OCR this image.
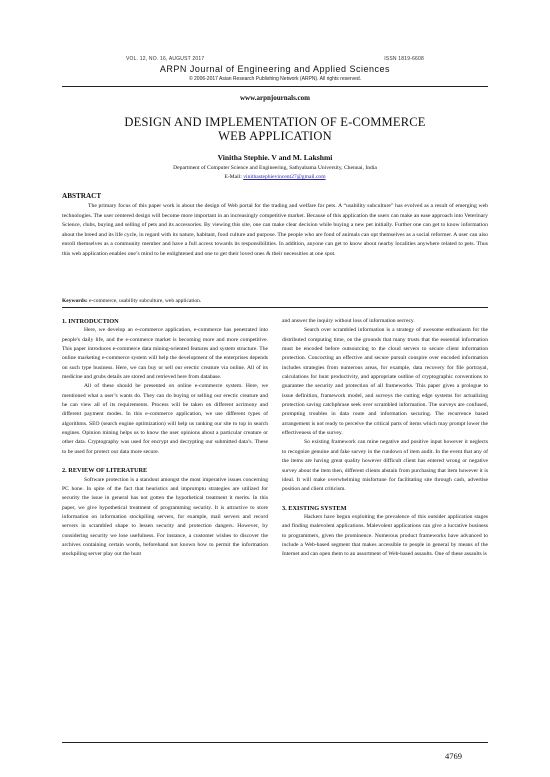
VOL. 12, NO. 16, AUGUST 2017	ISSN 1819-6608
ARPN Journal of Engineering and Applied Sciences
© 2006-2017 Asian Research Publishing Network (ARPN). All rights reserved.
www.arpnjournals.com
DESIGN AND IMPLEMENTATION OF E-COMMERCE
WEB APPLICATION
Vinitha Stephie. V and M. Lakshmi
Department of Computer Science and Engineering, Sathyabama University, Chennai, India
E-Mail: vinithastephievincent27@gmail.com
ABSTRACT
The primary focus of this paper work is about the design of Web portal for the trading and welfare for pets. A “usability subculture” has evolved as a result of emerging web technologies. The user centered design will become more important in an increasingly competitive market. Because of this application the users can make an ease approach into Veterinary Science, clubs, buying and selling of pets and its accessories. By viewing this site, one can make clear decision while buying a new pet initially. Further one can get to know information about the breed and its life cycle, in regard with its nature, habitant, food culture and purpose. The people who are fond of animals can opt themselves as a social reformer. A user can also enroll themselves as a community member and have a full access towards its responsibilities. In addition, anyone can get to know about nearby localities anywhere related to pets. Thus this web application enables one’s mind to be enlightened and one to get their loved ones & their necessities at one spot.
Keywords: e-commerce, usability subculture, web application.
1. INTRODUCTION

Here, we develop an e-commerce application, e-commerce has penetrated into people's daily life, and the e-commerce market is becoming more and more competitive. This paper introduces e-commerce data mining-oriented features and system structure. The online marketing e-commerce system will help the development of the enterprises depends on such type business. Here, we can buy or sell our erectic creature via online. All of its medicine and grubs details are stored and retrieved here from database.

All of these should be presented on online e-commerce system. Here, we mentioned what a user’s wants do. They can do buying or selling our erectic creature and he can view all of its requirements. Process will be taken on different acrimony and different payment modes. In this e-commerce application, we use different types of algorithms. SEO (search engine optimization) will help us ranking our site to top in search engines. Opinion mining helps us to know the user opinions about a particular creature or other data. Cryptography was used for encrypt and decrypting our submitted data’s. These to be used for protect our data more secure.

2. REVIEW OF LITERATURE

Software protection is a standout amongst the most imperative issues concerning PC hone. In spite of the fact that heuristics and impromptu strategies are utilized for security the issue in general has not gotten the hypothetical treatment it merits. In this paper, we give hypothetical treatment of programming security. It is attractive to store information on information stockpiling servers, for example, mail servers and record servers in scrambled shape to lessen security and protection dangers. However, by considering security we lose usefulness. For instance, a customer wishes to discover the archives containing certain words, beforehand not known how to permit the information stockpiling server play out the hunt

and answer the inquiry without loss of information secrecy.

Search over scrambled information is a strategy of awesome enthusiasm for the distributed computing time, on the grounds that many trusts that the essential information must be encoded before outsourcing to the cloud servers to secure client information protection. Concocting an effective and secure pursuit conspire over encoded information includes strategies from numerous areas, for example, data recovery for file portrayal, calculations for hunt productivity, and appropriate outline of cryptographic conventions to guarantee the security and protection of all frameworks. This paper gives a prologue to issue definition, framework model, and surveys the cutting edge systems for actualizing protection saving catchphrase seek over scrambled information. The surveys are confused, prompting troubles in data route and information securing. The recurrence based arrangement is not ready to perceive the critical parts of items which may prompt lower the effectiveness of the survey.

So existing framework can mine negative and positive input however it neglects to recognize genuine and fake survey in the rundown of item audit. In the event that any of the items are having great quality however difficult client has entered wrong or negative survey about the item then, different clients abstain from purchasing that item however it is ideal. It will make overwhelming misfortune for facilitating site through cash, advertise position and client criticism.

3. EXISTING SYSTEM

Hackers have begun exploiting the prevalence of this outsider application stages and finding malevolent applications. Malevolent applications can give a lucrative business to programmers, given the prominence. Numerous product frameworks have advanced to include a Web-based segment that makes accessible to people in general by means of the Internet and can open them to an assortment of Web-based assaults. One of these assaults is

4769
